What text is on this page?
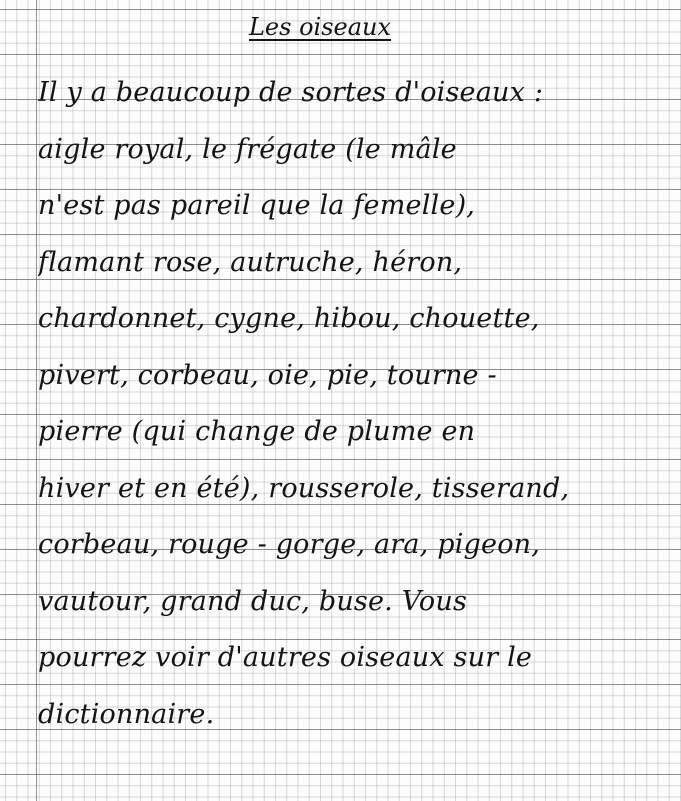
Les oiseaux
Il y a beaucoup de sortes d'oiseaux :
aigle royal, le frégate (le mâle
n'est pas pareil que la femelle),
flamant rose, autruche, héron,
chardonnet, cygne, hibou, chouette,
pivert, corbeau, oie, pie, tourne -
pierre (qui change de plume en
hiver et en été), rousserole, tisserand,
corbeau, rouge - gorge, ara, pigeon,
vautour, grand duc, buse. Vous
pourrez voir d'autres oiseaux sur le
dictionnaire.
